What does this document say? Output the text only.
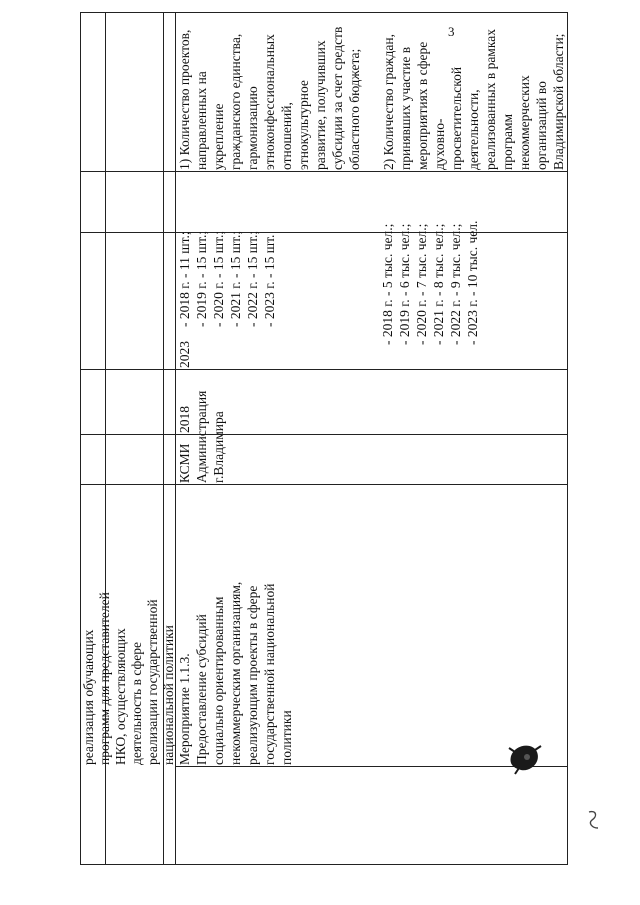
3
реализация обучающих программ для представителей НКО, осуществляющих деятельность в сфере реализации государственной национальной политики Мероприятие 1.1.3. Предоставление субсидий социально ориентированным некоммерческим организациям, реализующим проекты в сфере государственной национальной политики
КСМИ Администрация г.Владимира
2018
2023
- 2018 г. - 11 шт.; - 2019 г. - 15 шт.; - 2020 г. - 15 шт.; - 2021 г. - 15 шт.; - 2022 г. - 15 шт.; - 2023 г. - 15 шт.	- 2018 г. - 5 тыс. чел.; - 2019 г. - 6 тыс. чел.; - 2020 г. - 7 тыс. чел.; - 2021 г. - 8 тыс. чел.; - 2022 г. - 9 тыс. чел.; - 2023 г. - 10 тыс. чел.
1) Количество проектов, направленных на укрепление гражданского единства, гармонизацию этноконфессиональных отношений, этнокультурное развитие, получивших субсидии за счет средств областного бюджета; 2) Количество граждан, принявших участие в мероприятиях в сфере духовно- просветительской деятельности, реализованных в рамках программ некоммерческих организаций во Владимирской области;
